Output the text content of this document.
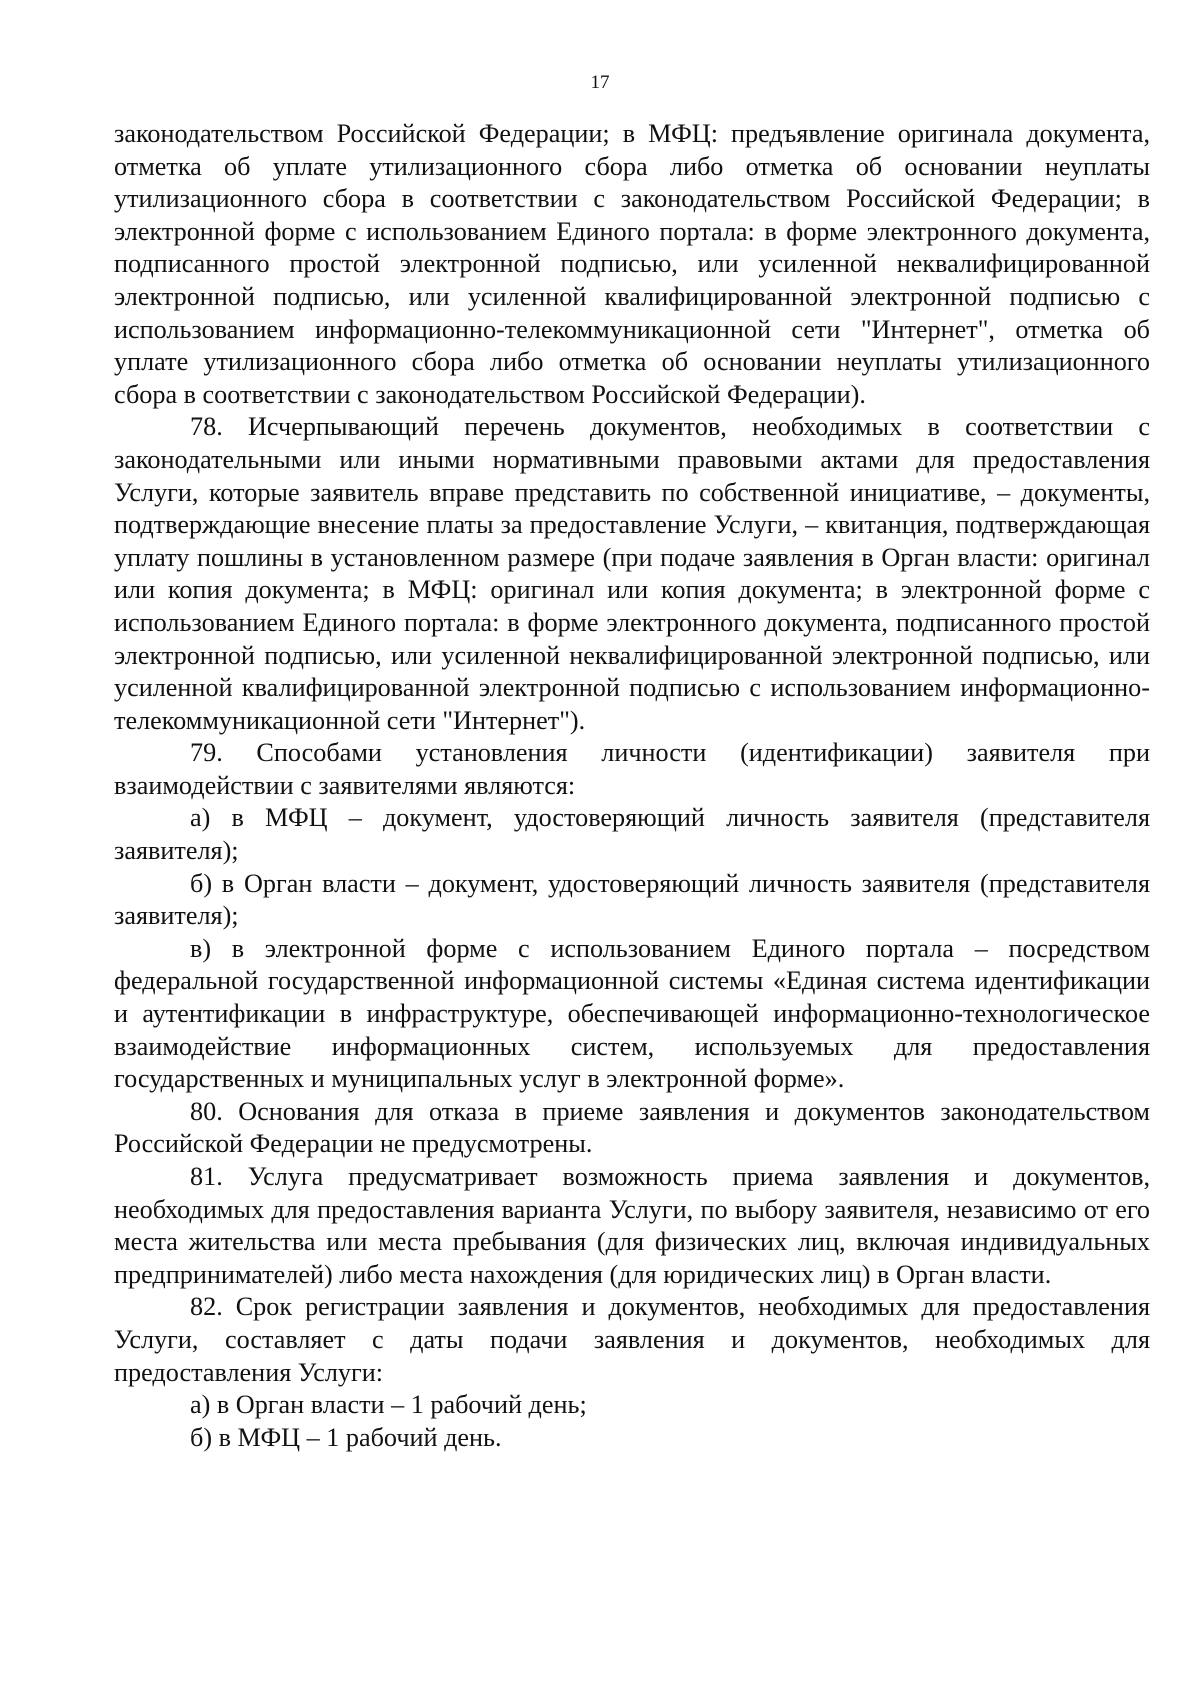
17

законодательством Российской Федерации; в МФЦ: предъявление оригинала документа, отметка об уплате утилизационного сбора либо отметка об основании неуплаты утилизационного сбора в соответствии с законодательством Российской Федерации; в электронной форме с использованием Единого портала: в форме электронного документа, подписанного простой электронной подписью, или усиленной неквалифицированной электронной подписью, или усиленной квалифицированной электронной подписью с использованием информационно-телекоммуникационной сети "Интернет", отметка об уплате утилизационного сбора либо отметка об основании неуплаты утилизационного сбора в соответствии с законодательством Российской Федерации).

78. Исчерпывающий перечень документов, необходимых в соответствии с законодательными или иными нормативными правовыми актами для предоставления Услуги, которые заявитель вправе представить по собственной инициативе, – документы, подтверждающие внесение платы за предоставление Услуги, – квитанция, подтверждающая уплату пошлины в установленном размере (при подаче заявления в Орган власти: оригинал или копия документа; в МФЦ: оригинал или копия документа; в электронной форме с использованием Единого портала: в форме электронного документа, подписанного простой электронной подписью, или усиленной неквалифицированной электронной подписью, или усиленной квалифицированной электронной подписью с использованием информационно-телекоммуникационной сети "Интернет").

79. Способами установления личности (идентификации) заявителя при взаимодействии с заявителями являются:

а) в МФЦ – документ, удостоверяющий личность заявителя (представителя заявителя);

б) в Орган власти – документ, удостоверяющий личность заявителя (представителя заявителя);

в) в электронной форме с использованием Единого портала – посредством федеральной государственной информационной системы «Единая система идентификации и аутентификации в инфраструктуре, обеспечивающей информационно-технологическое взаимодействие информационных систем, используемых для предоставления государственных и муниципальных услуг в электронной форме».

80. Основания для отказа в приеме заявления и документов законодательством Российской Федерации не предусмотрены.

81. Услуга предусматривает возможность приема заявления и документов, необходимых для предоставления варианта Услуги, по выбору заявителя, независимо от его места жительства или места пребывания (для физических лиц, включая индивидуальных предпринимателей) либо места нахождения (для юридических лиц) в Орган власти.

82. Срок регистрации заявления и документов, необходимых для предоставления Услуги, составляет с даты подачи заявления и документов, необходимых для предоставления Услуги:

а) в Орган власти – 1 рабочий день;

б) в МФЦ – 1 рабочий день.
